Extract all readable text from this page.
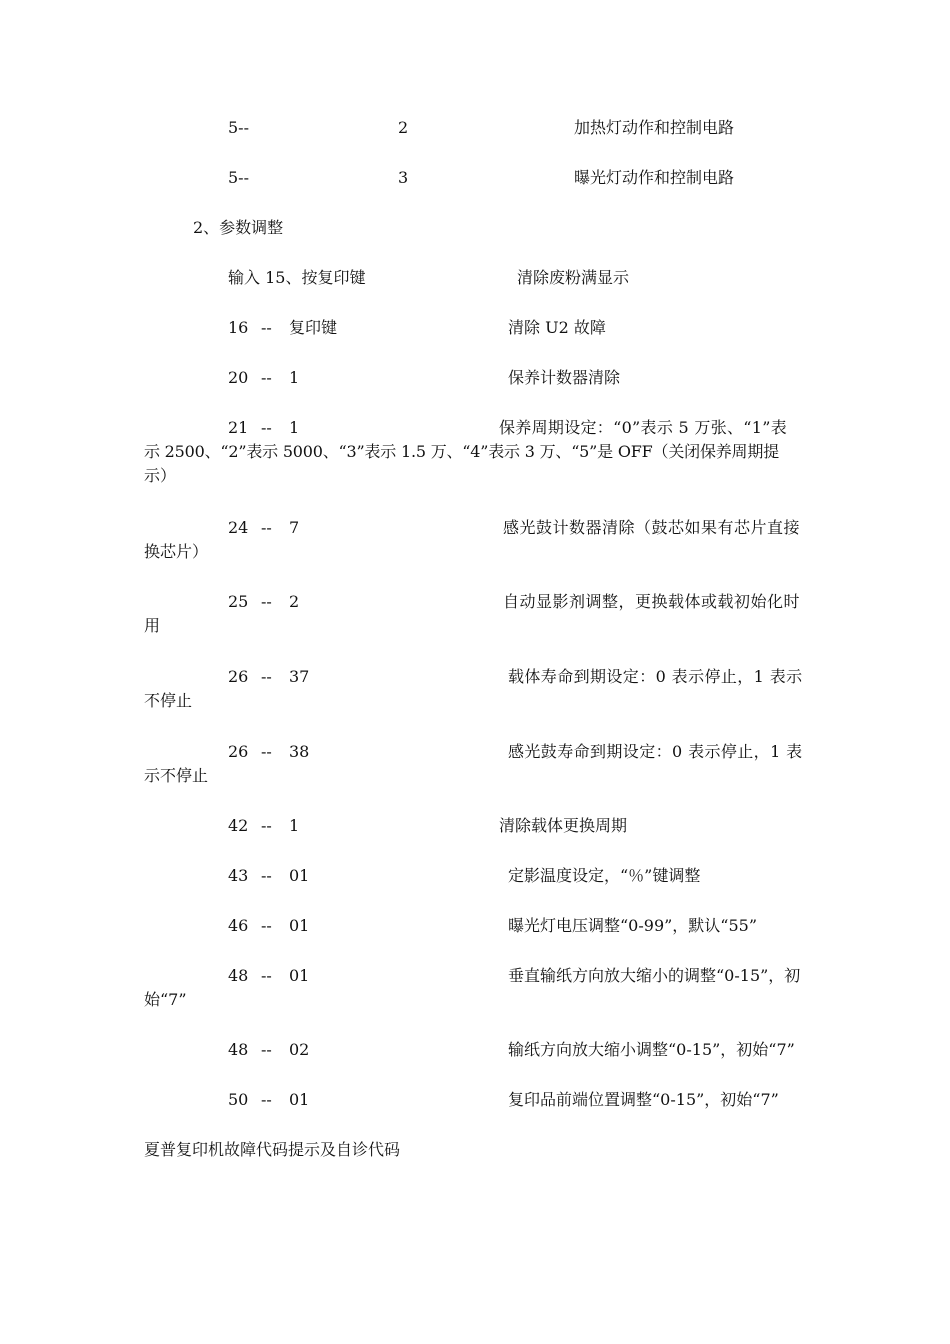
5--	2	加热灯动作和控制电路
5--	3	曝光灯动作和控制电路
2、参数调整
输入 15、按复印键	清除废粉满显示
16 -- 复印键	清除 U2 故障
20 -- 1	保养计数器清除
21 -- 1	保养周期设定：“0”表示 5 万张、“1”表
示 2500、“2”表示 5000、“3”表示 1.5 万、“4”表示 3 万、“5”是 OFF（关闭保养周期提
示）
24 -- 7	感光鼓计数器清除（鼓芯如果有芯片直接
换芯片）
25 -- 2	自动显影剂调整，更换载体或载初始化时
用
26 -- 37	载体寿命到期设定：0 表示停止，1 表示
不停止
26 -- 38	感光鼓寿命到期设定：0 表示停止，1 表
示不停止
42 -- 1	清除载体更换周期
43 -- 01	定影温度设定，“％”键调整
46 -- 01	曝光灯电压调整“0-99”，默认“55”
48 -- 01	垂直输纸方向放大缩小的调整“0-15”，初
始“7”
48 -- 02	输纸方向放大缩小调整“0-15”，初始“7”
50 -- 01	复印品前端位置调整“0-15”，初始“7”
夏普复印机故障代码提示及自诊代码
